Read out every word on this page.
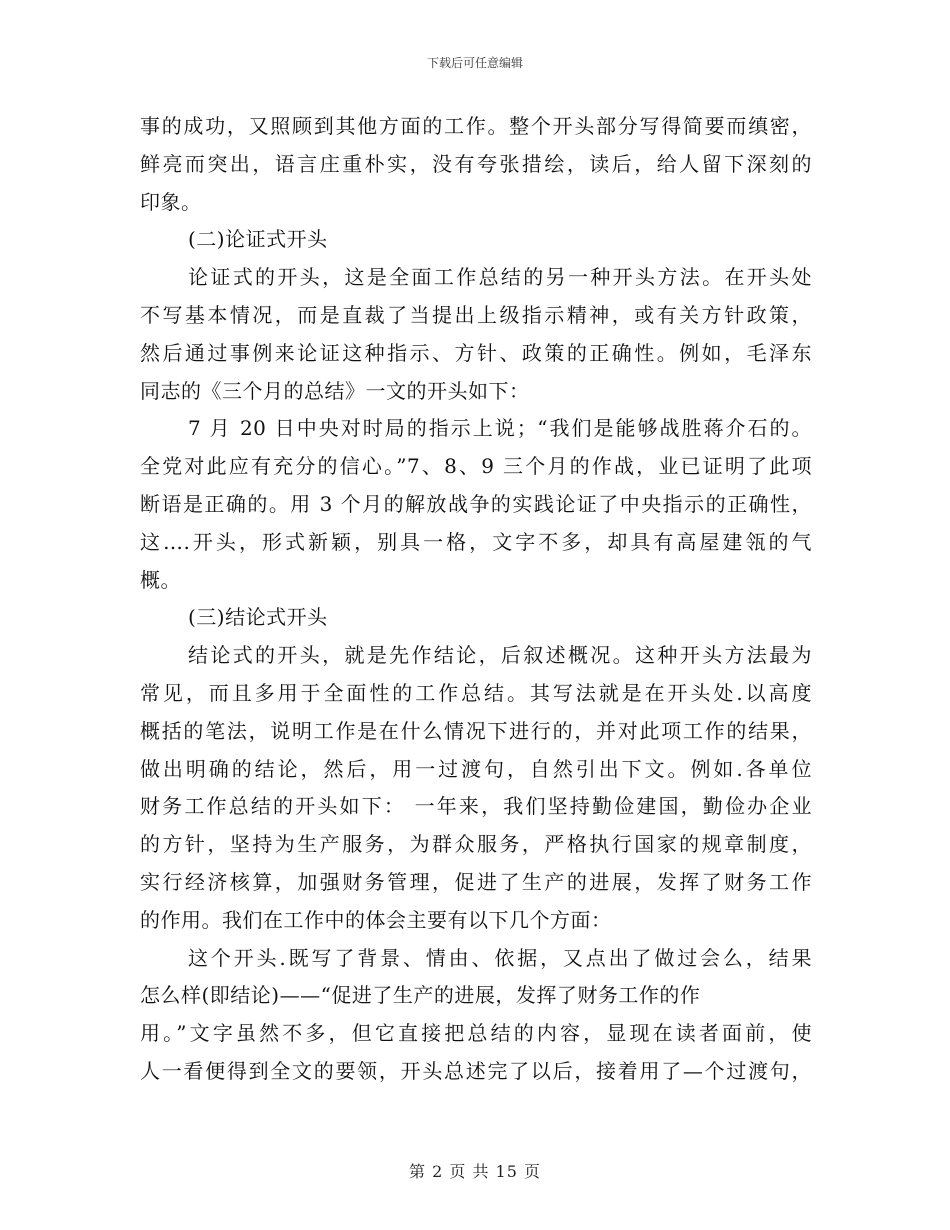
下载后可任意编辑
事的成功，又照顾到其他方面的工作。整个开头部分写得简要而缜密，
鲜亮而突出，语言庄重朴实，没有夸张措绘，读后，给人留下深刻的
印象。
(二)论证式开头
论证式的开头，这是全面工作总结的另一种开头方法。在开头处
不写基本情况，而是直裁了当提出上级指示精神，或有关方针政策，
然后通过事例来论证这种指示、方针、政策的正确性。例如，毛泽东
同志的《三个月的总结》一文的开头如下：
7 月 20 日中央对时局的指示上说；“我们是能够战胜蒋介石的。
全党对此应有充分的信心。”7、8、9 三个月的作战，业已证明了此项
断语是正确的。用 3 个月的解放战争的实践论证了中央指示的正确性，
这….开头，形式新颖，别具一格，文字不多，却具有高屋建瓴的气
概。
(三)结论式开头
结论式的开头，就是先作结论，后叙述概况。这种开头方法最为
常见，而且多用于全面性的工作总结。其写法就是在开头处.以高度
概括的笔法，说明工作是在什么情况下进行的，并对此项工作的结果，
做出明确的结论，然后，用一过渡句，自然引出下文。例如.各单位
财务工作总结的开头如下： 一年来，我们坚持勤俭建国，勤俭办企业
的方针，坚持为生产服务，为群众服务，严格执行国家的规章制度，
实行经济核算，加强财务管理，促进了生产的进展，发挥了财务工作
的作用。我们在工作中的体会主要有以下几个方面：
这个开头.既写了背景、情由、依据，又点出了做过会么，结果
怎么样(即结论)——“促进了生产的进展，发挥了财务工作的作
用。”文字虽然不多，但它直接把总结的内容，显现在读者面前，使
人一看便得到全文的要领，开头总述完了以后，接着用了—个过渡句，
第 2 页 共 15 页
